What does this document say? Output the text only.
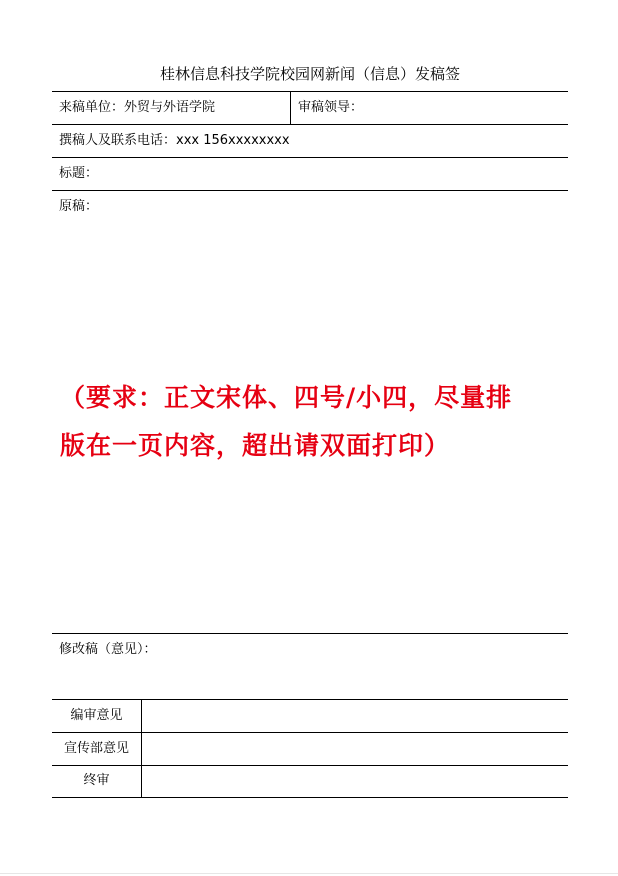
桂林信息科技学院校园网新闻（信息）发稿签
来稿单位：外贸与外语学院	审稿领导：
撰稿人及联系电话：xxx 156xxxxxxxx
标题：
原稿：
（要求：正文宋体、四号/小四，尽量排
版在一页内容，超出请双面打印）
修改稿（意见）：
编审意见
宣传部意见
终审
